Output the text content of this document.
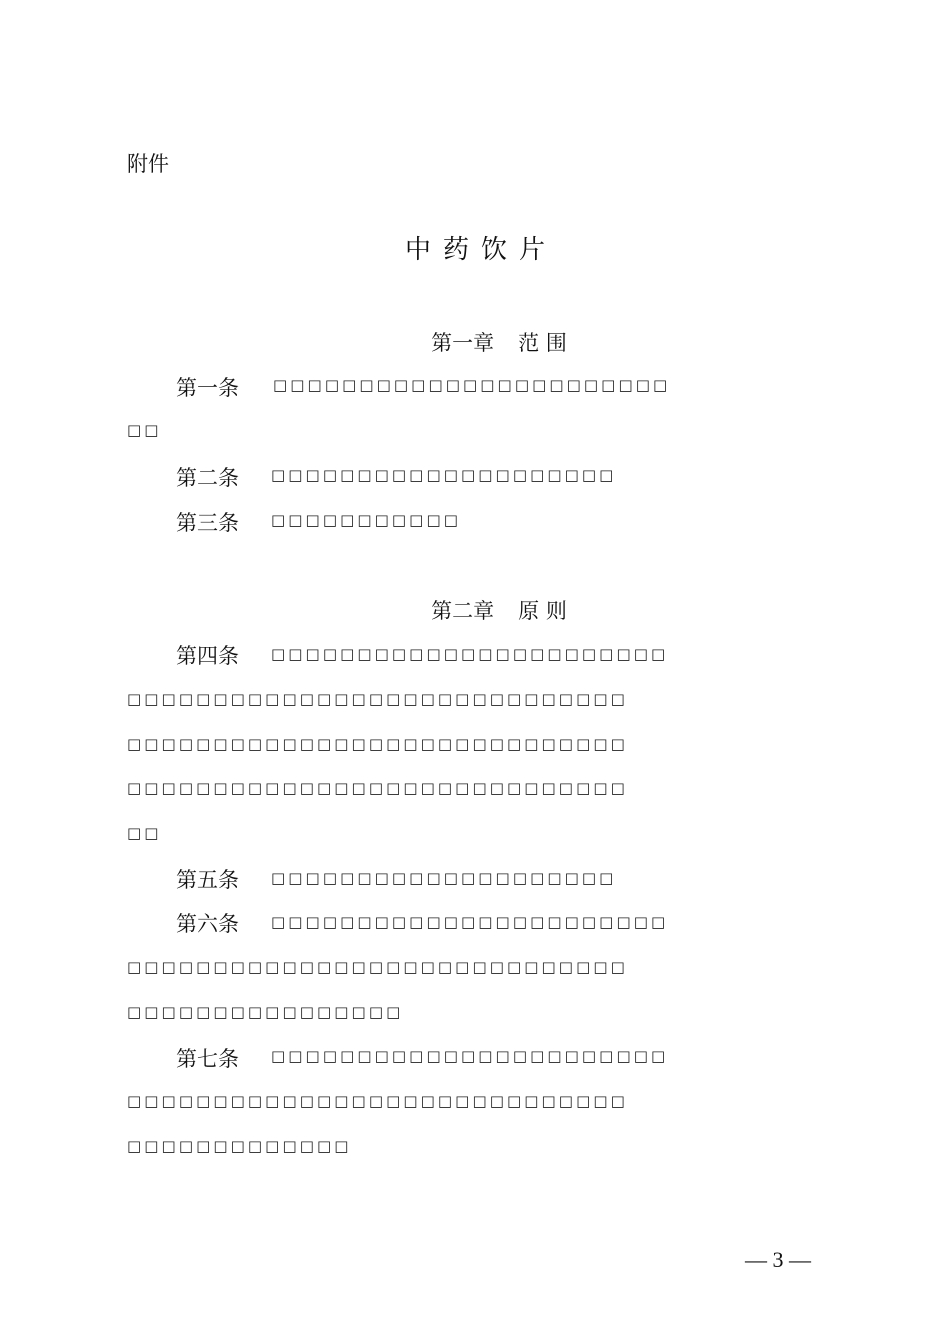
附件
中药饮片
第一章 范 围
第一条 □□□□□□□□□□□□□□□□□□□□□□□
□□
第二条 □□□□□□□□□□□□□□□□□□□□
第三条 □□□□□□□□□□□
第二章 原 则
第四条 □□□□□□□□□□□□□□□□□□□□□□□
□□□□□□□□□□□□□□□□□□□□□□□□□□□□□
□□□□□□□□□□□□□□□□□□□□□□□□□□□□□
□□□□□□□□□□□□□□□□□□□□□□□□□□□□□
□□
第五条 □□□□□□□□□□□□□□□□□□□□
第六条 □□□□□□□□□□□□□□□□□□□□□□□
□□□□□□□□□□□□□□□□□□□□□□□□□□□□□
□□□□□□□□□□□□□□□□
第七条 □□□□□□□□□□□□□□□□□□□□□□□
□□□□□□□□□□□□□□□□□□□□□□□□□□□□□
□□□□□□□□□□□□□
— 3 —
